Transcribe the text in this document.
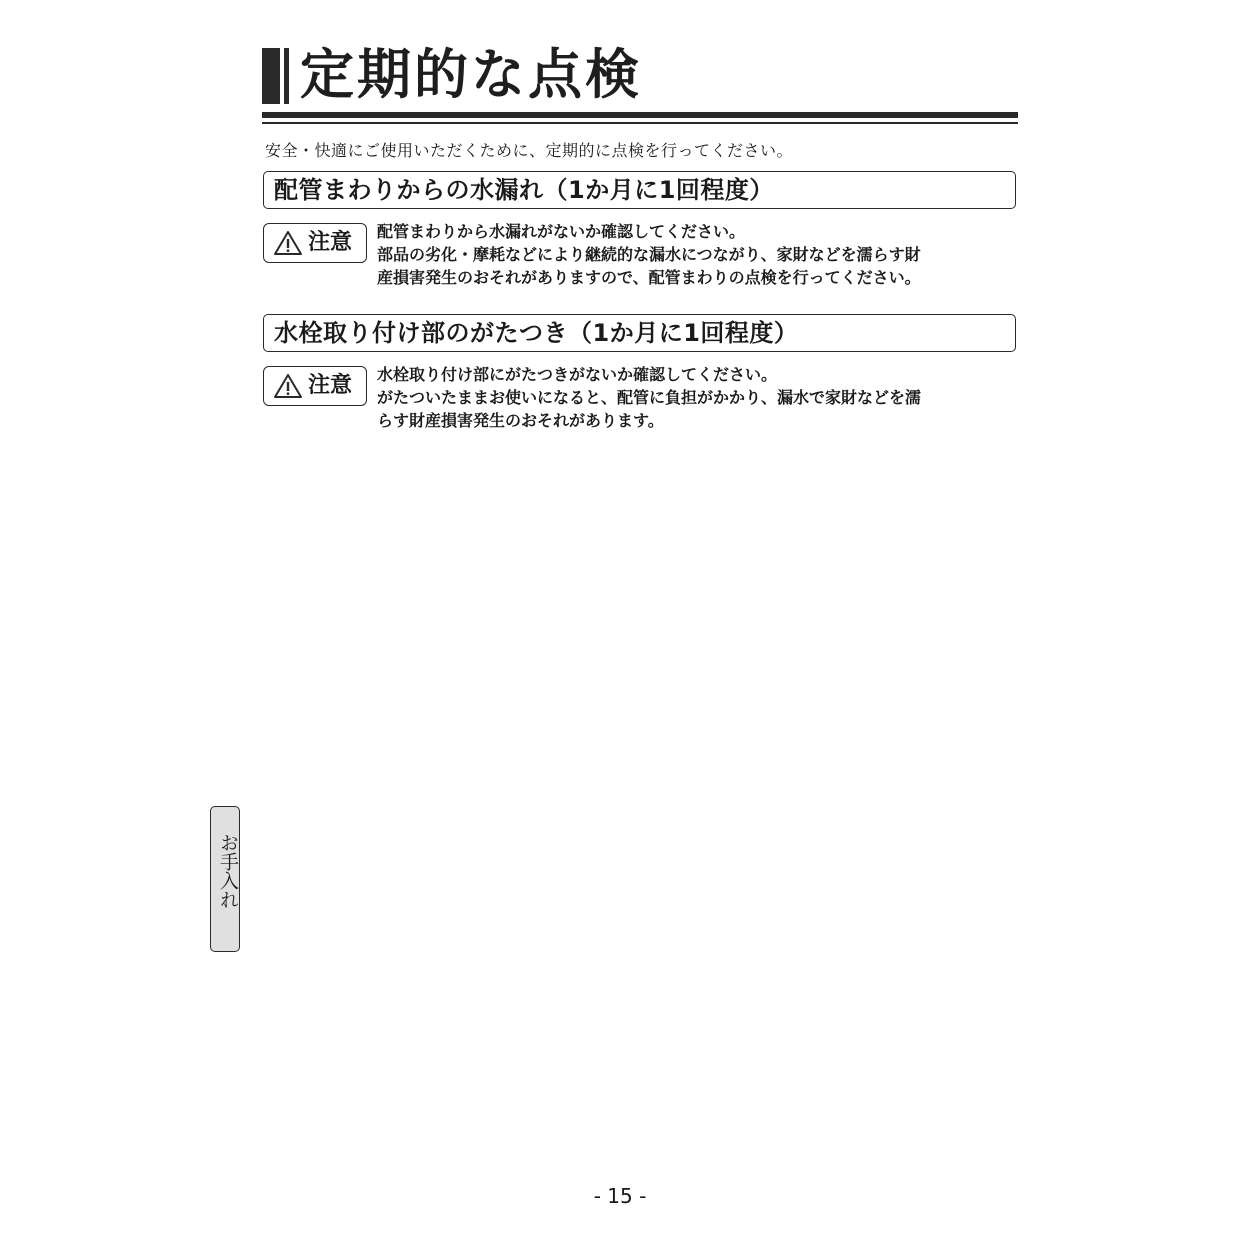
定期的な点検
安全・快適にご使用いただくために、定期的に点検を行ってください。
配管まわりからの水漏れ（1か月に1回程度）
注意 配管まわりから水漏れがないか確認してください。
部品の劣化・摩耗などにより継続的な漏水につながり、家財などを濡らす財
産損害発生のおそれがありますので、配管まわりの点検を行ってください。
水栓取り付け部のがたつき（1か月に1回程度）
注意 水栓取り付け部にがたつきがないか確認してください。
がたついたままお使いになると、配管に負担がかかり、漏水で家財などを濡
らす財産損害発生のおそれがあります。
お手入れ
- 15 -
